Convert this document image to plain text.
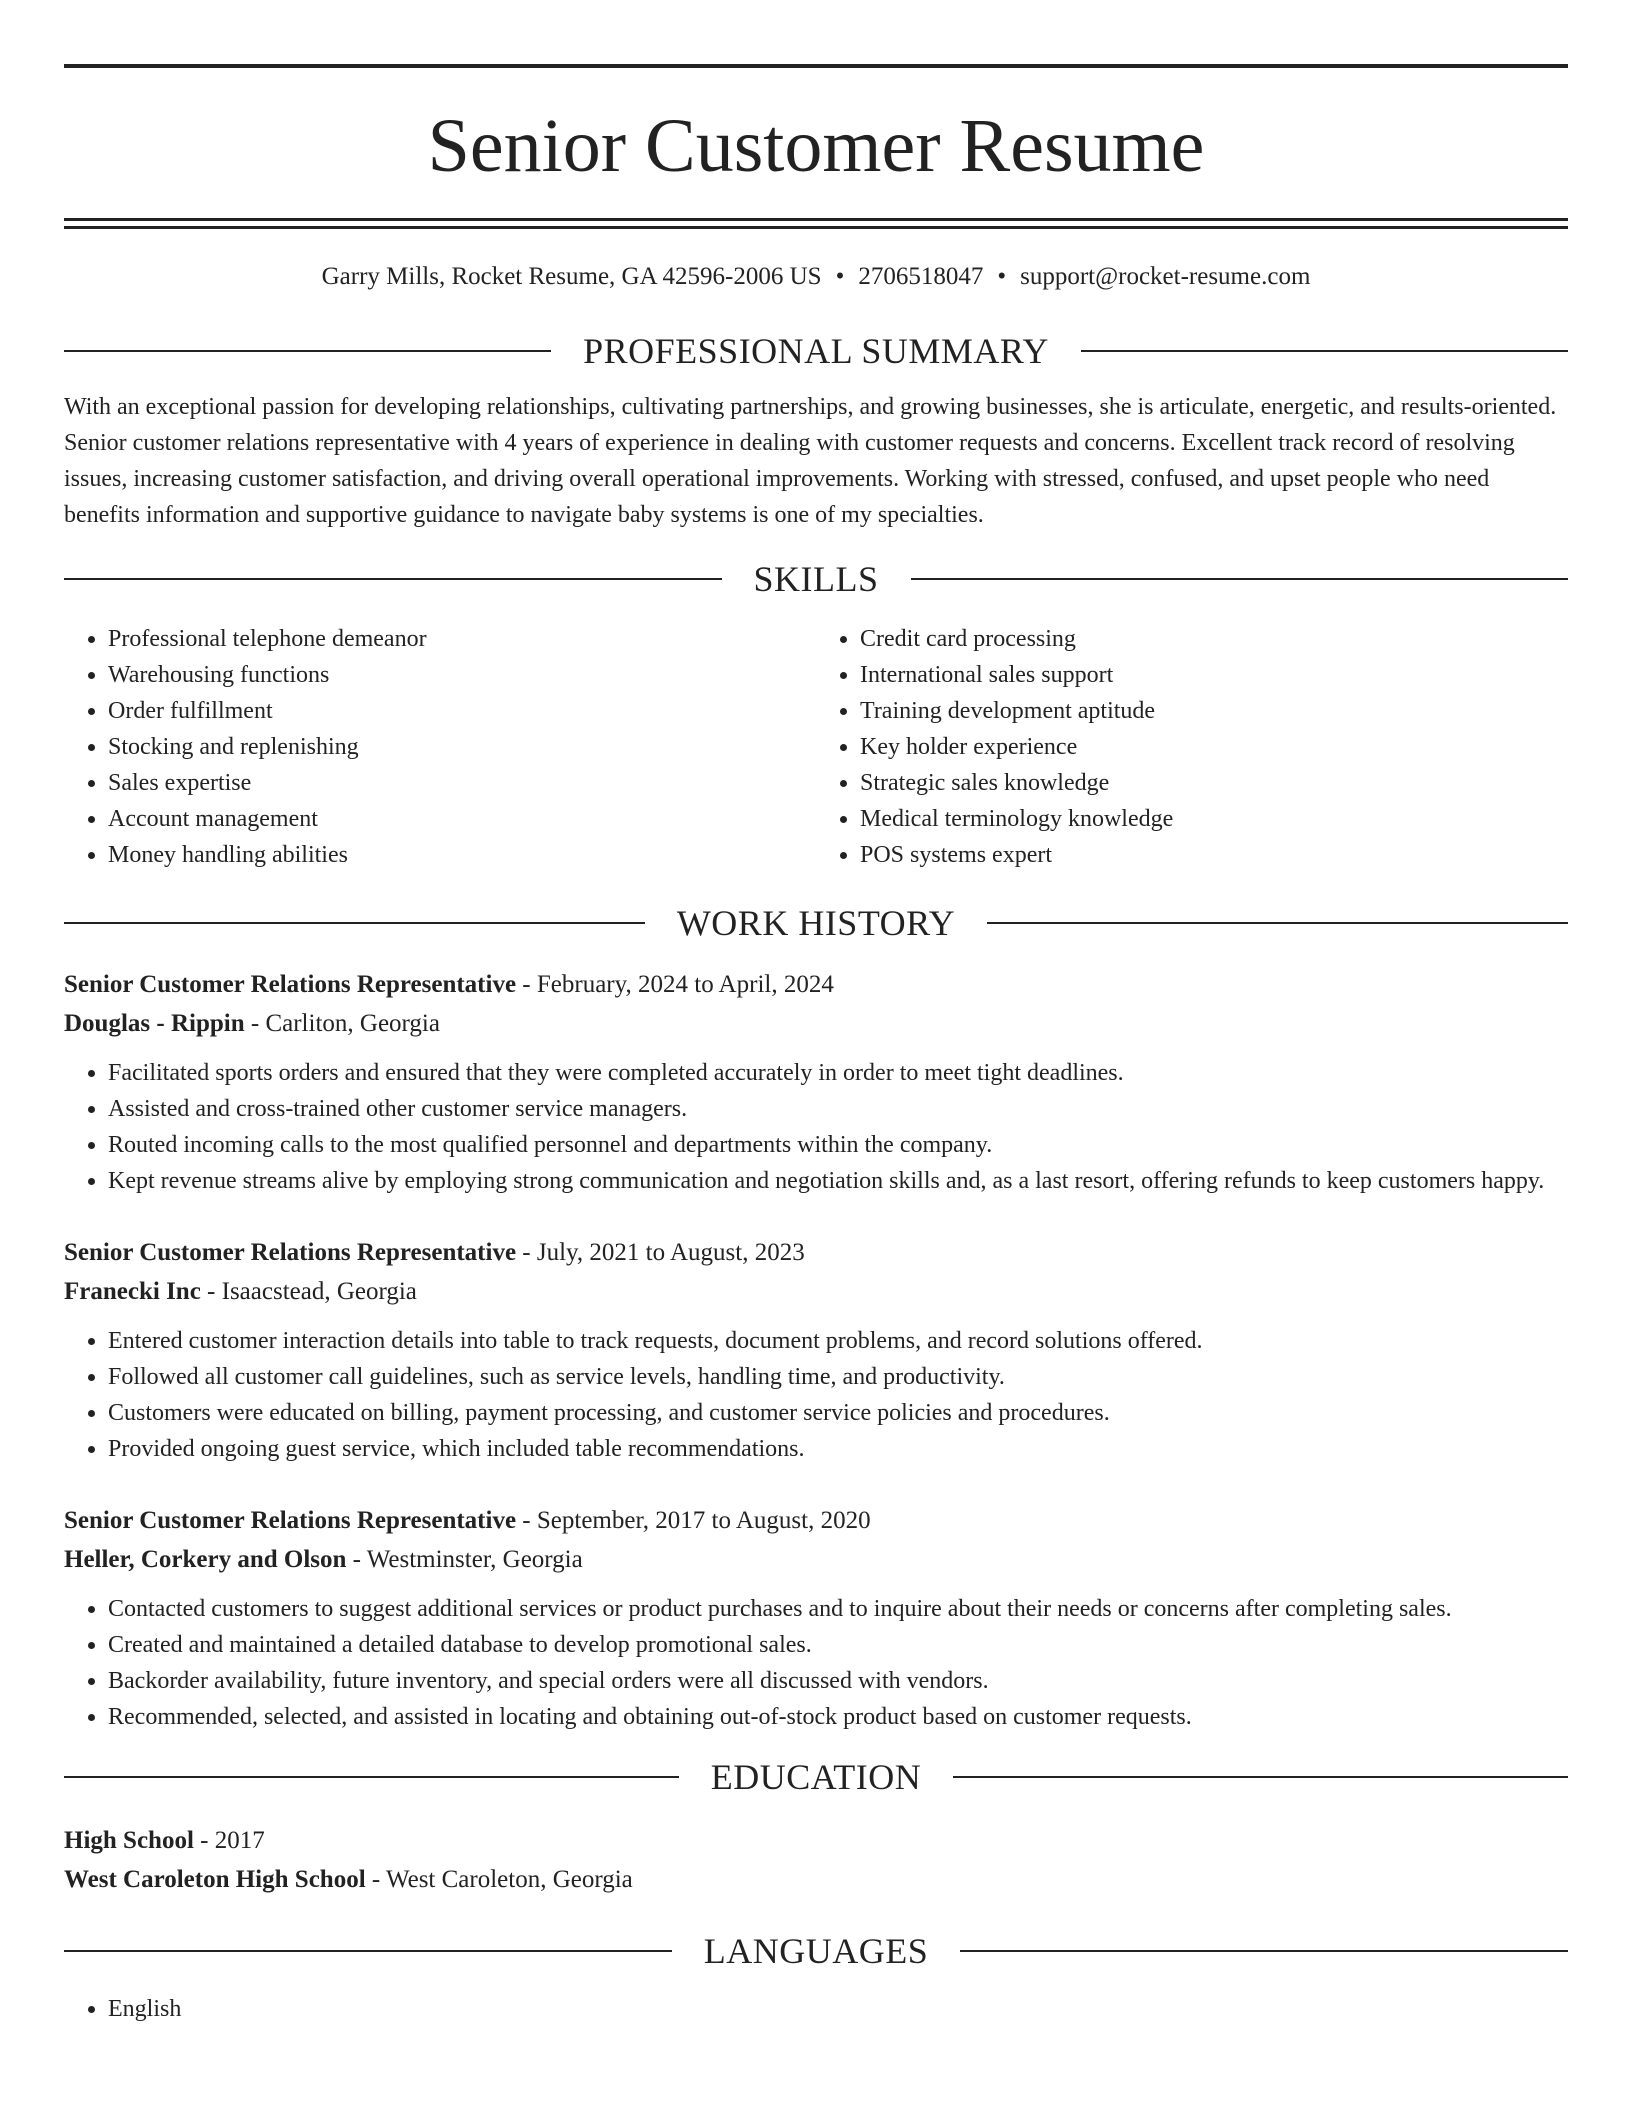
Senior Customer Resume
Garry Mills, Rocket Resume, GA 42596-2006 US • 2706518047 • support@rocket-resume.com
PROFESSIONAL SUMMARY

With an exceptional passion for developing relationships, cultivating partnerships, and growing businesses, she is articulate, energetic, and results-oriented. Senior customer relations representative with 4 years of experience in dealing with customer requests and concerns. Excellent track record of resolving issues, increasing customer satisfaction, and driving overall operational improvements. Working with stressed, confused, and upset people who need benefits information and supportive guidance to navigate baby systems is one of my specialties.

SKILLS
• Professional telephone demeanor
• Warehousing functions
• Order fulfillment
• Stocking and replenishing
• Sales expertise
• Account management
• Money handling abilities
• Credit card processing
• International sales support
• Training development aptitude
• Key holder experience
• Strategic sales knowledge
• Medical terminology knowledge
• POS systems expert
WORK HISTORY
Senior Customer Relations Representative - February, 2024 to April, 2024
Douglas - Rippin - Carliton, Georgia
• Facilitated sports orders and ensured that they were completed accurately in order to meet tight deadlines.
• Assisted and cross-trained other customer service managers.
• Routed incoming calls to the most qualified personnel and departments within the company.
• Kept revenue streams alive by employing strong communication and negotiation skills and, as a last resort, offering refunds to keep customers happy.
Senior Customer Relations Representative - July, 2021 to August, 2023
Franecki Inc - Isaacstead, Georgia
• Entered customer interaction details into table to track requests, document problems, and record solutions offered.
• Followed all customer call guidelines, such as service levels, handling time, and productivity.
• Customers were educated on billing, payment processing, and customer service policies and procedures.
• Provided ongoing guest service, which included table recommendations.
Senior Customer Relations Representative - September, 2017 to August, 2020
Heller, Corkery and Olson - Westminster, Georgia
• Contacted customers to suggest additional services or product purchases and to inquire about their needs or concerns after completing sales.
• Created and maintained a detailed database to develop promotional sales.
• Backorder availability, future inventory, and special orders were all discussed with vendors.
• Recommended, selected, and assisted in locating and obtaining out-of-stock product based on customer requests.
EDUCATION
High School - 2017
West Caroleton High School - West Caroleton, Georgia
LANGUAGES
• English
